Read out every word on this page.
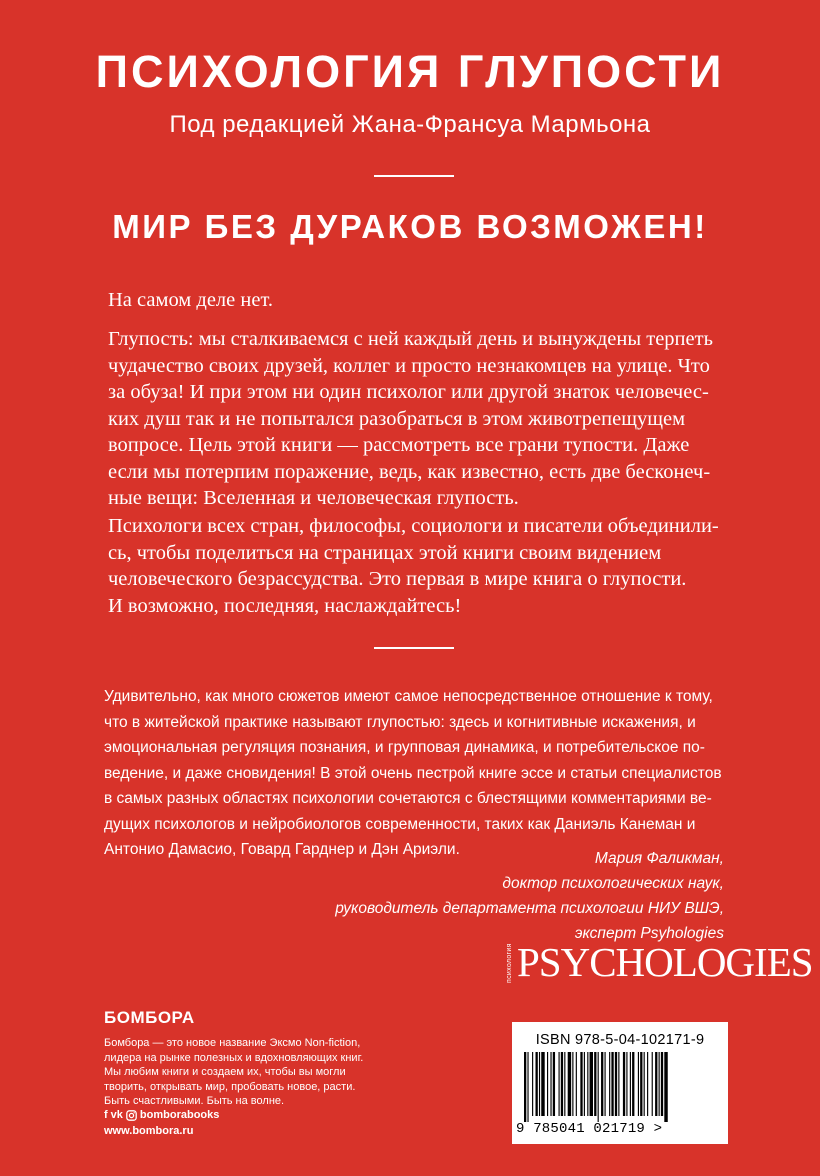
ПСИХОЛОГИЯ ГЛУПОСТИ
Под редакцией Жана-Франсуа Мармьона
МИР БЕЗ ДУРАКОВ ВОЗМОЖЕН!

На самом деле нет.

Глупость: мы сталкиваемся с ней каждый день и вынуждены терпеть
чудачество своих друзей, коллег и просто незнакомцев на улице. Что
за обуза! И при этом ни один психолог или другой знаток человечес-
ких душ так и не попытался разобраться в этом животрепещущем
вопросе. Цель этой книги — рассмотреть все грани тупости. Даже
если мы потерпим поражение, ведь, как известно, есть две бесконеч-
ные вещи: Вселенная и человеческая глупость.

Психологи всех стран, философы, социологи и писатели объединили-
сь, чтобы поделиться на страницах этой книги своим видением
человеческого безрассудства. Это первая в мире книга о глупости.
И возможно, последняя, наслаждайтесь!

Удивительно, как много сюжетов имеют самое непосредственное отношение к тому,
что в житейской практике называют глупостью: здесь и когнитивные искажения, и
эмоциональная регуляция познания, и групповая динамика, и потребительское по-
ведение, и даже сновидения! В этой очень пестрой книге эссе и статьи специалистов
в самых разных областях психологии сочетаются с блестящими комментариями ве-
дущих психологов и нейробиологов современности, таких как Даниэль Канеман и
Антонио Дамасио, Говард Гарднер и Дэн Ариэли.
Мария Фаликман,
доктор психологических наук,
руководитель департамента психологии НИУ ВШЭ,
эксперт Psyhologies
психология PSYCHOLOGIES
БОМБОРА
Бомбора — это новое название Эксмо Non-fiction,
лидера на рынке полезных и вдохновляющих книг.
Мы любим книги и создаем их, чтобы вы могли
творить, открывать мир, пробовать новое, расти.
Быть счастливыми. Быть на волне.
f vk bomborabooks
www.bombora.ru
ISBN 978-5-04-102171-9
9 785041 021719 >
